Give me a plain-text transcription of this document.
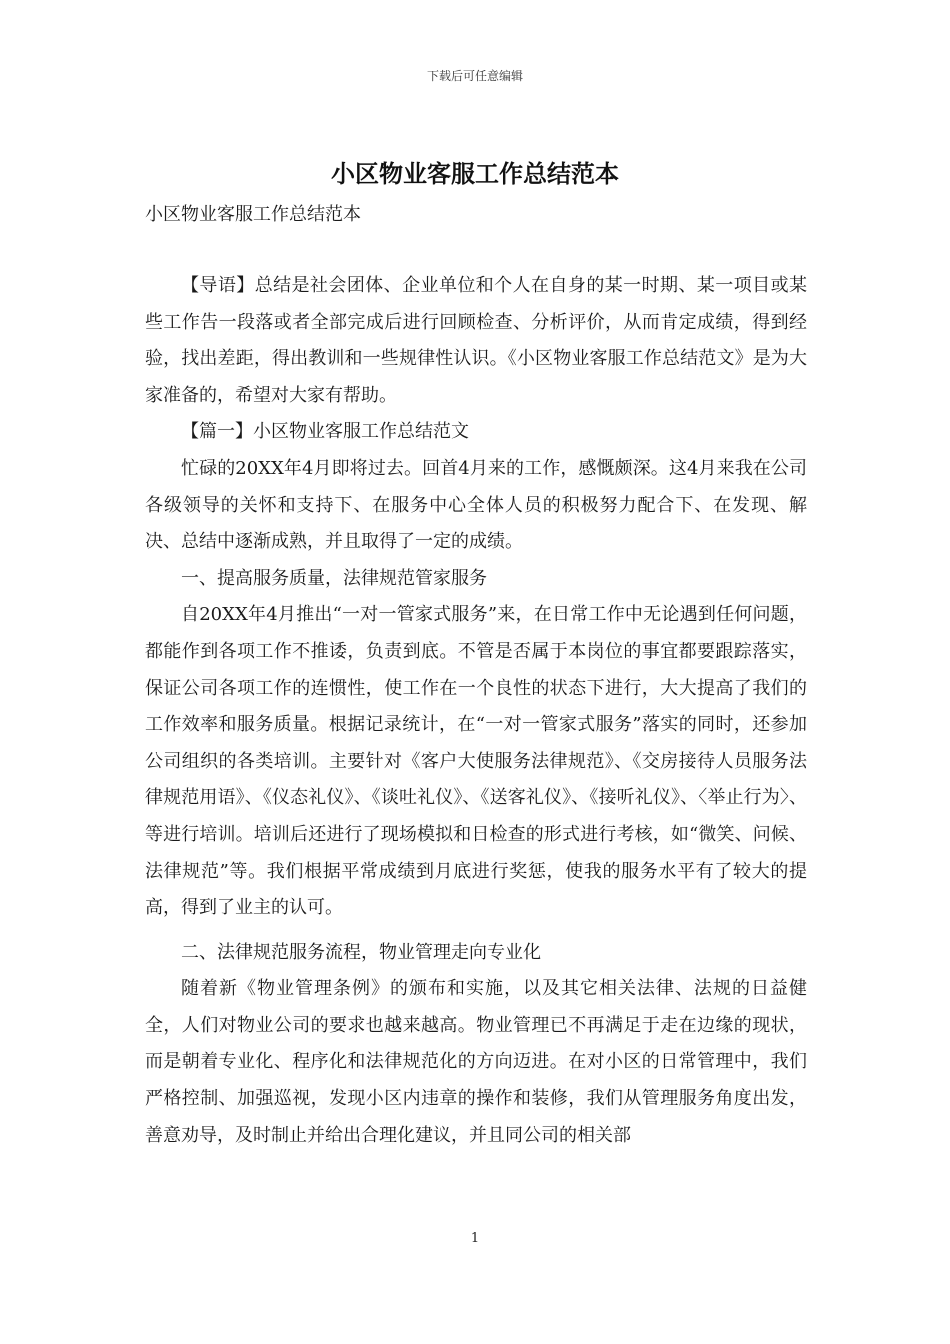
下载后可任意编辑
小区物业客服工作总结范本

小区物业客服工作总结范本

【导语】总结是社会团体、企业单位和个人在自身的某一时期、某一项目或某些工作告一段落或者全部完成后进行回顾检查、分析评价，从而肯定成绩，得到经验，找出差距，得出教训和一些规律性认识。《小区物业客服工作总结范文》是为大家准备的，希望对大家有帮助。

【篇一】小区物业客服工作总结范文

忙碌的20XX年4月即将过去。回首4月来的工作，感慨颇深。这4月来我在公司各级领导的关怀和支持下、在服务中心全体人员的积极努力配合下、在发现、解决、总结中逐渐成熟，并且取得了一定的成绩。

一、提高服务质量，法律规范管家服务

自20XX年4月推出“一对一管家式服务”来，在日常工作中无论遇到任何问题，都能作到各项工作不推诿，负责到底。不管是否属于本岗位的事宜都要跟踪落实，保证公司各项工作的连惯性，使工作在一个良性的状态下进行，大大提高了我们的工作效率和服务质量。根据记录统计，在“一对一管家式服务”落实的同时，还参加公司组织的各类培训。主要针对《客户大使服务法律规范》、《交房接待人员服务法律规范用语》、《仪态礼仪》、《谈吐礼仪》、《送客礼仪》、《接听礼仪》、〈举止行为〉、等进行培训。培训后还进行了现场模拟和日检查的形式进行考核，如“微笑、问候、法律规范”等。我们根据平常成绩到月底进行奖惩，使我的服务水平有了较大的提高，得到了业主的认可。

二、法律规范服务流程，物业管理走向专业化

随着新《物业管理条例》的颁布和实施，以及其它相关法律、法规的日益健全，人们对物业公司的要求也越来越高。物业管理已不再满足于走在边缘的现状，而是朝着专业化、程序化和法律规范化的方向迈进。在对小区的日常管理中，我们严格控制、加强巡视，发现小区内违章的操作和装修，我们从管理服务角度出发，善意劝导，及时制止并给出合理化建议，并且同公司的相关部

1
